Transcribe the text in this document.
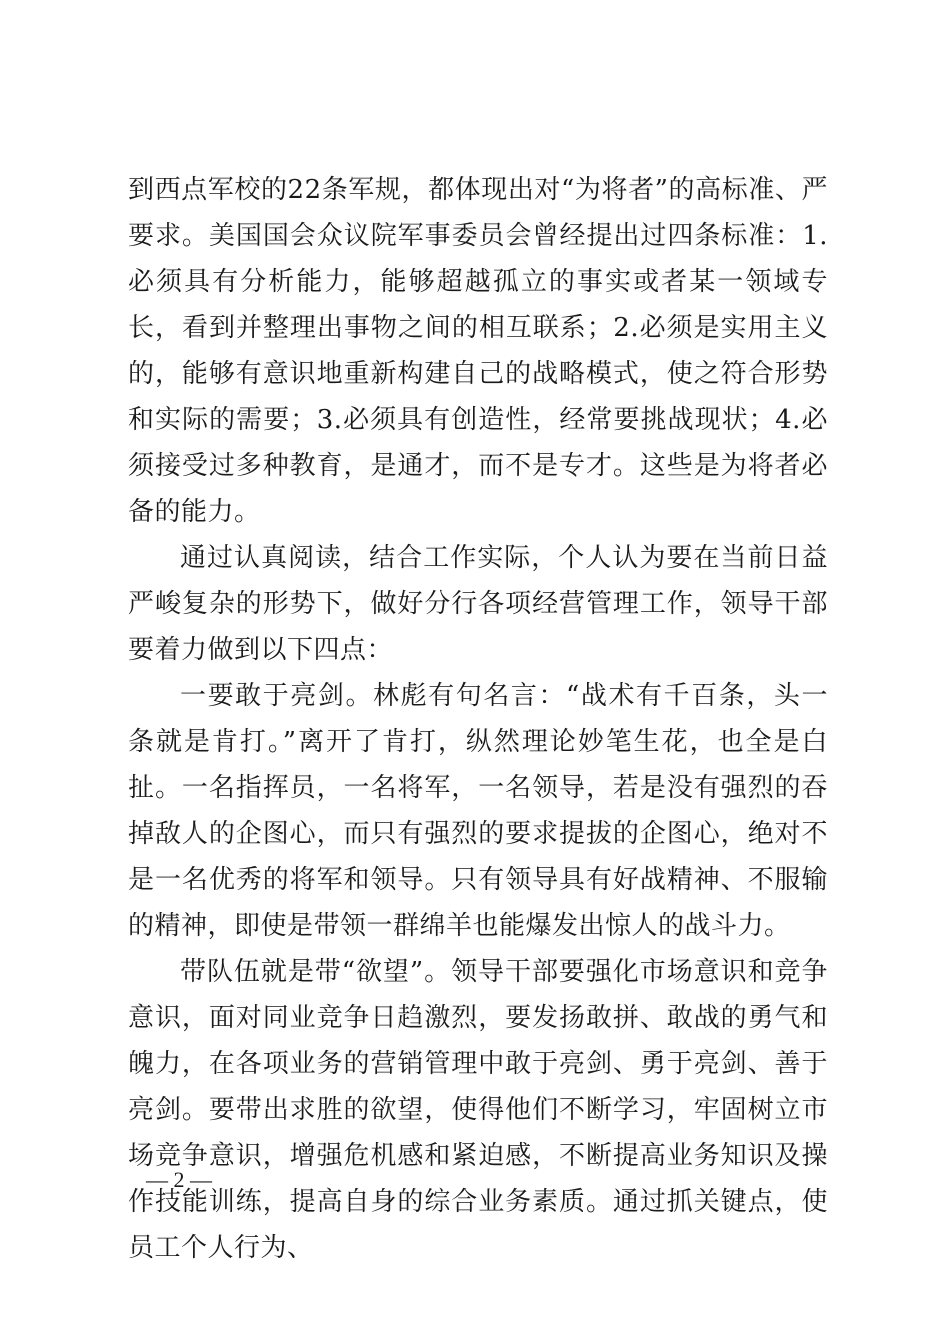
到西点军校的22条军规，都体现出对“为将者”的高标准、严要求。美国国会众议院军事委员会曾经提出过四条标准：1.必须具有分析能力，能够超越孤立的事实或者某一领域专长，看到并整理出事物之间的相互联系；2.必须是实用主义的，能够有意识地重新构建自己的战略模式，使之符合形势和实际的需要；3.必须具有创造性，经常要挑战现状；4.必须接受过多种教育，是通才，而不是专才。这些是为将者必备的能力。

通过认真阅读，结合工作实际，个人认为要在当前日益严峻复杂的形势下，做好分行各项经营管理工作，领导干部要着力做到以下四点：

一要敢于亮剑。林彪有句名言：“战术有千百条，头一条就是肯打。”离开了肯打，纵然理论妙笔生花，也全是白扯。一名指挥员，一名将军，一名领导，若是没有强烈的吞掉敌人的企图心，而只有强烈的要求提拔的企图心，绝对不是一名优秀的将军和领导。只有领导具有好战精神、不服输的精神，即使是带领一群绵羊也能爆发出惊人的战斗力。

带队伍就是带“欲望”。领导干部要强化市场意识和竞争意识，面对同业竞争日趋激烈，要发扬敢拼、敢战的勇气和魄力，在各项业务的营销管理中敢于亮剑、勇于亮剑、善于亮剑。要带出求胜的欲望，使得他们不断学习，牢固树立市场竞争意识，增强危机感和紧迫感，不断提高业务知识及操作技能训练，提高自身的综合业务素质。通过抓关键点，使员工个人行为、

— 2 —
